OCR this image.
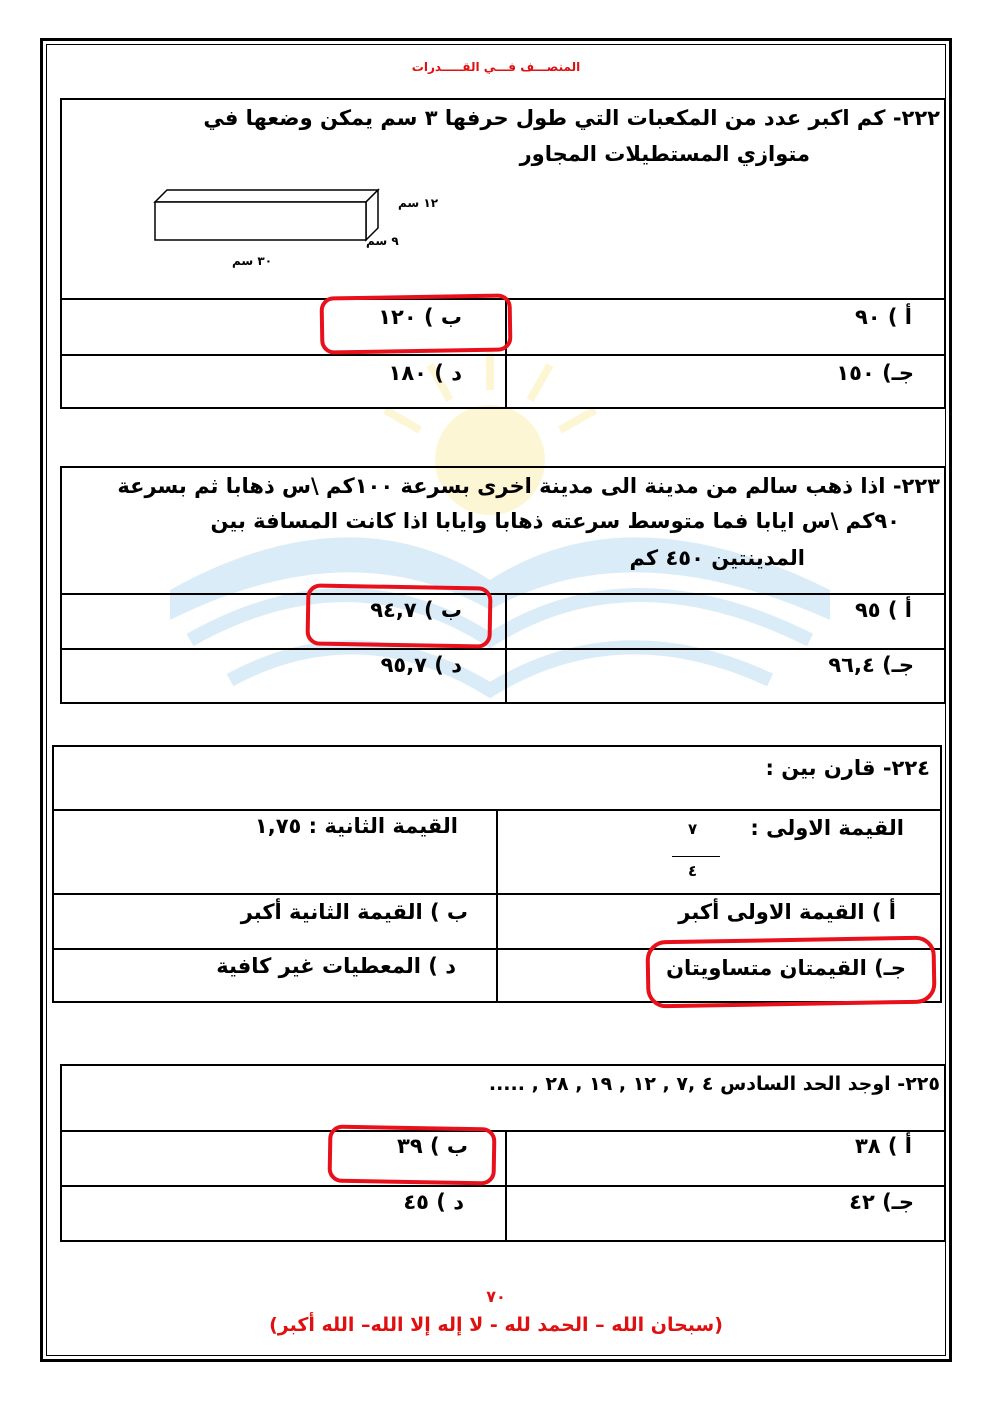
المنصـــف فـــي القـــــدرات
٢٢٢- كم اكبر عدد من المكعبات التي طول حرفها ٣ سم يمكن وضعها في
متوازي المستطيلات المجاور
١٢ سم
٩ سم
٣٠ سم
أ ) ٩٠
ب ) ١٢٠
جـ) ١٥٠
د ) ١٨٠
٢٢٣- اذا ذهب سالم من مدينة الى مدينة اخرى بسرعة ١٠٠كم \س ذهابا ثم بسرعة
٩٠كم \س ايابا فما متوسط سرعته ذهابا وايابا اذا كانت المسافة بين
المدينتين ٤٥٠ كم
أ ) ٩٥
ب ) ٩٤,٧
جـ) ٩٦,٤
د ) ٩٥,٧
٢٢٤- قارن بين :
القيمة الاولى :
٧
٤
القيمة الثانية : ١,٧٥
أ ) القيمة الاولى أكبر
ب ) القيمة الثانية أكبر
جـ) القيمتان متساويتان
د ) المعطيات غير كافية
٢٢٥- اوجد الحد السادس ٤ ,٧ , ١٢ , ١٩ , ٢٨ , .....
أ ) ٣٨
ب ) ٣٩
جـ) ٤٢
د ) ٤٥
٧٠
(سبحان الله – الحمد لله - لا إله إلا الله– الله أكبر)
